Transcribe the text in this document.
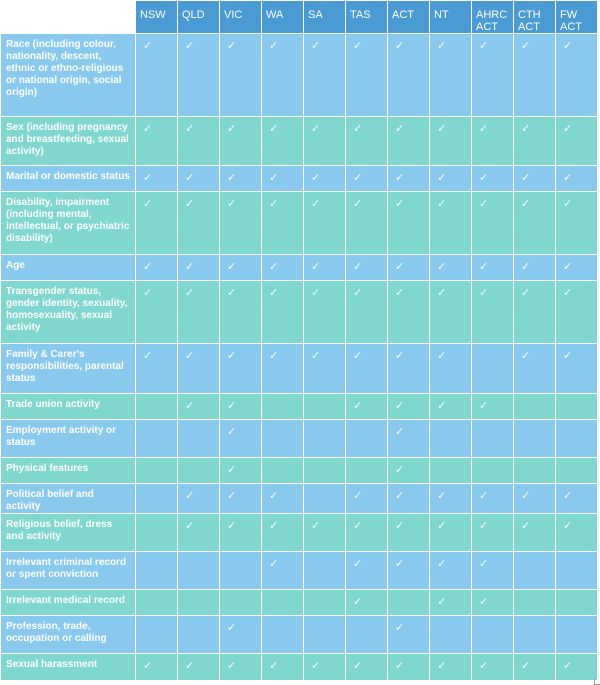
	NSW	QLD	VIC	WA	SA	TAS	ACT	NT	AHRC ACT	CTH ACT	FW ACT
Race (including colour, nationality, descent, ethnic or ethno-religious or national origin, social origin)	✓	✓	✓	✓	✓	✓	✓	✓	✓	✓	✓
Sex (including pregnancy and breastfeeding, sexual activity)	✓	✓	✓	✓	✓	✓	✓	✓	✓	✓	✓
Marital or domestic status	✓	✓	✓	✓	✓	✓	✓	✓	✓	✓	✓
Disability, impairment (including mental, intellectual, or psychiatric disability)	✓	✓	✓	✓	✓	✓	✓	✓	✓	✓	✓
Age	✓	✓	✓	✓	✓	✓	✓	✓	✓	✓	✓
Transgender status, gender identity, sexuality, homosexuality, sexual activity	✓	✓	✓	✓	✓	✓	✓	✓	✓	✓	✓
Family & Carer's responsibilities, parental status	✓	✓	✓	✓	✓	✓	✓	✓		✓	✓
Trade union activity		✓	✓			✓	✓	✓	✓		
Employment activity or status			✓				✓				
Physical features			✓				✓				
Political belief and activity		✓	✓	✓		✓	✓	✓	✓	✓	✓
Religious belief, dress and activity		✓	✓	✓	✓	✓	✓	✓	✓	✓	✓
Irrelevant criminal record or spent conviction				✓		✓	✓	✓	✓		
Irrelevant medical record						✓		✓	✓		
Profession, trade, occupation or calling			✓				✓				
Sexual harassment	✓	✓	✓	✓	✓	✓	✓	✓	✓	✓	✓
